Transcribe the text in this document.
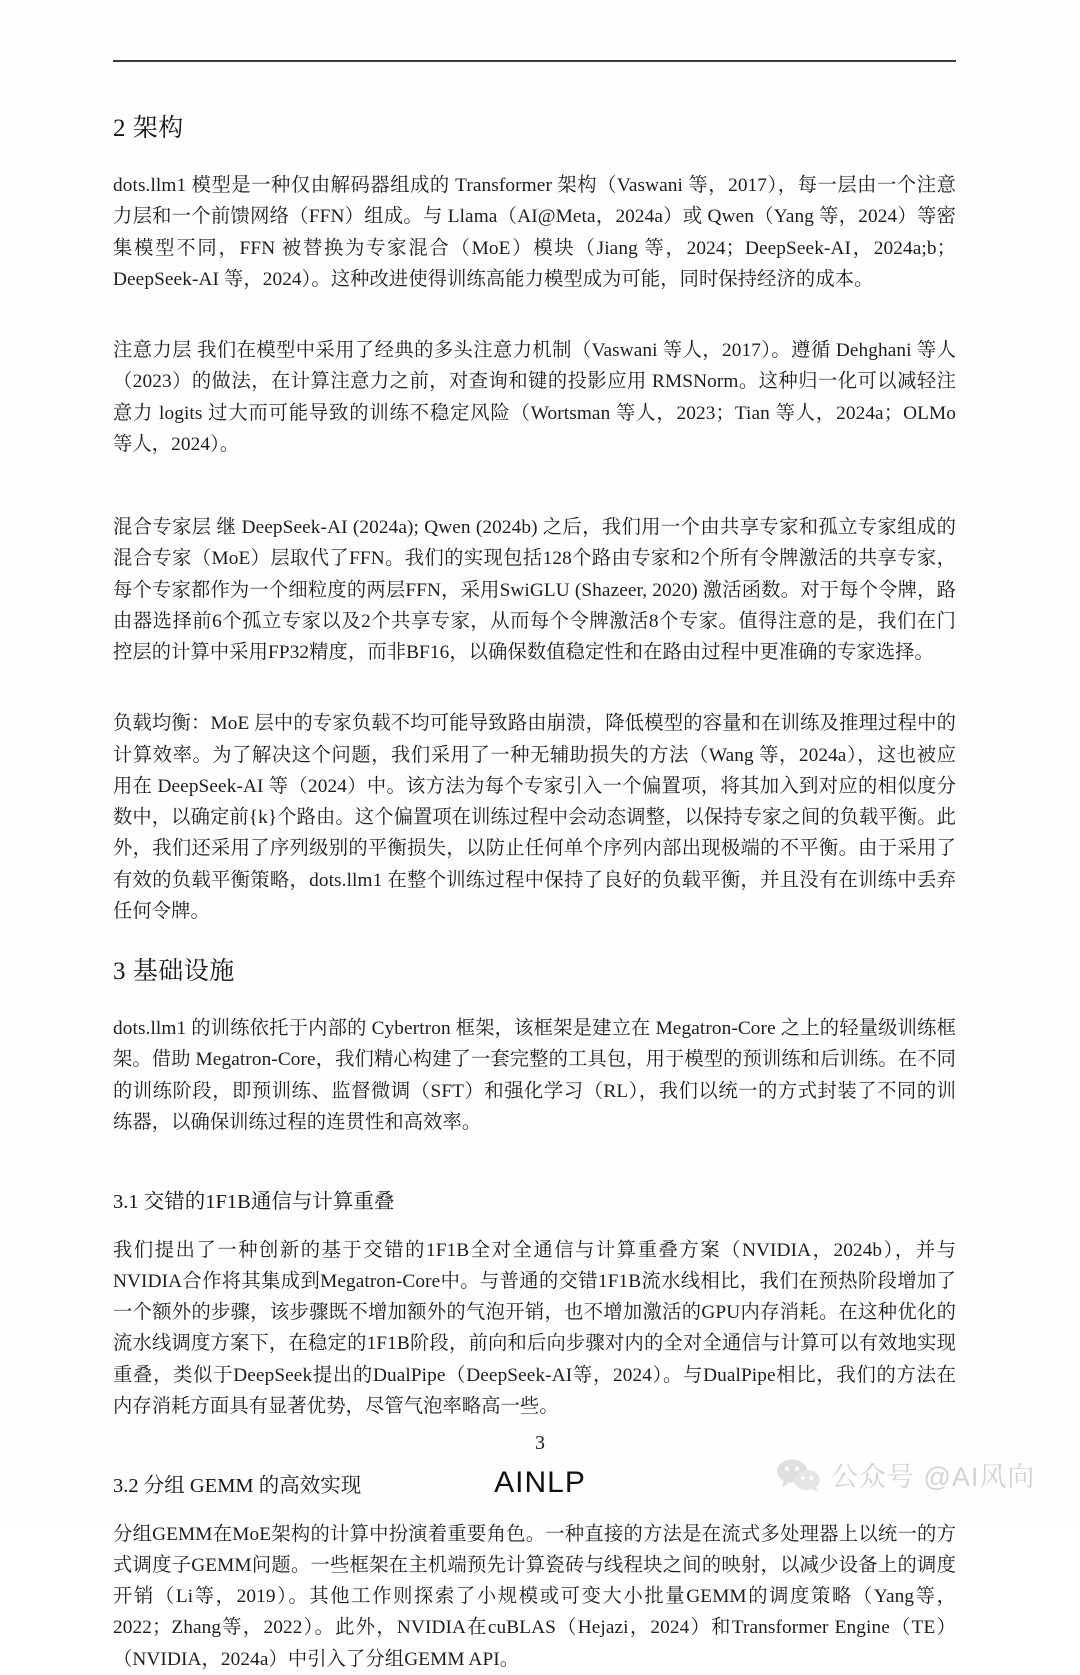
2 架构

dots.llm1 模型是一种仅由解码器组成的 Transformer 架构（Vaswani 等，2017），每一层由一个注意力层和一个前馈网络（FFN）组成。与 Llama（AI@Meta，2024a）或 Qwen（Yang 等，2024）等密集模型不同，FFN 被替换为专家混合（MoE）模块（Jiang 等，2024；DeepSeek-AI，2024a;b；DeepSeek-AI 等，2024）。这种改进使得训练高能力模型成为可能，同时保持经济的成本。

注意力层 我们在模型中采用了经典的多头注意力机制（Vaswani 等人，2017）。遵循 Dehghani 等人（2023）的做法，在计算注意力之前，对查询和键的投影应用 RMSNorm。这种归一化可以减轻注意力 logits 过大而可能导致的训练不稳定风险（Wortsman 等人，2023；Tian 等人，2024a；OLMo 等人，2024）。

混合专家层 继 DeepSeek-AI (2024a); Qwen (2024b) 之后，我们用一个由共享专家和孤立专家组成的混合专家（MoE）层取代了FFN。我们的实现包括128个路由专家和2个所有令牌激活的共享专家，每个专家都作为一个细粒度的两层FFN，采用SwiGLU (Shazeer, 2020) 激活函数。对于每个令牌，路由器选择前6个孤立专家以及2个共享专家，从而每个令牌激活8个专家。值得注意的是，我们在门控层的计算中采用FP32精度，而非BF16，以确保数值稳定性和在路由过程中更准确的专家选择。

负载均衡：MoE 层中的专家负载不均可能导致路由崩溃，降低模型的容量和在训练及推理过程中的计算效率。为了解决这个问题，我们采用了一种无辅助损失的方法（Wang 等，2024a），这也被应用在 DeepSeek-AI 等（2024）中。该方法为每个专家引入一个偏置项，将其加入到对应的相似度分数中，以确定前{k}个路由。这个偏置项在训练过程中会动态调整，以保持专家之间的负载平衡。此外，我们还采用了序列级别的平衡损失，以防止任何单个序列内部出现极端的不平衡。由于采用了有效的负载平衡策略，dots.llm1 在整个训练过程中保持了良好的负载平衡，并且没有在训练中丢弃任何令牌。

3 基础设施

dots.llm1 的训练依托于内部的 Cybertron 框架，该框架是建立在 Megatron-Core 之上的轻量级训练框架。借助 Megatron-Core，我们精心构建了一套完整的工具包，用于模型的预训练和后训练。在不同的训练阶段，即预训练、监督微调（SFT）和强化学习（RL），我们以统一的方式封装了不同的训练器，以确保训练过程的连贯性和高效率。

3.1 交错的1F1B通信与计算重叠

我们提出了一种创新的基于交错的1F1B全对全通信与计算重叠方案（NVIDIA，2024b），并与NVIDIA合作将其集成到Megatron-Core中。与普通的交错1F1B流水线相比，我们在预热阶段增加了一个额外的步骤，该步骤既不增加额外的气泡开销，也不增加激活的GPU内存消耗。在这种优化的流水线调度方案下，在稳定的1F1B阶段，前向和后向步骤对内的全对全通信与计算可以有效地实现重叠，类似于DeepSeek提出的DualPipe（DeepSeek-AI等，2024）。与DualPipe相比，我们的方法在内存消耗方面具有显著优势，尽管气泡率略高一些。

3.2 分组 GEMM 的高效实现

分组GEMM在MoE架构的计算中扮演着重要角色。一种直接的方法是在流式多处理器上以统一的方式调度子GEMM问题。一些框架在主机端预先计算瓷砖与线程块之间的映射，以减少设备上的调度开销（Li等，2019）。其他工作则探索了小规模或可变大小批量GEMM的调度策略（Yang等，2022；Zhang等，2022）。此外，NVIDIA在cuBLAS（Hejazi，2024）和Transformer Engine（TE）（NVIDIA，2024a）中引入了分组GEMM API。

3
AINLP	公众号 @AI风向
